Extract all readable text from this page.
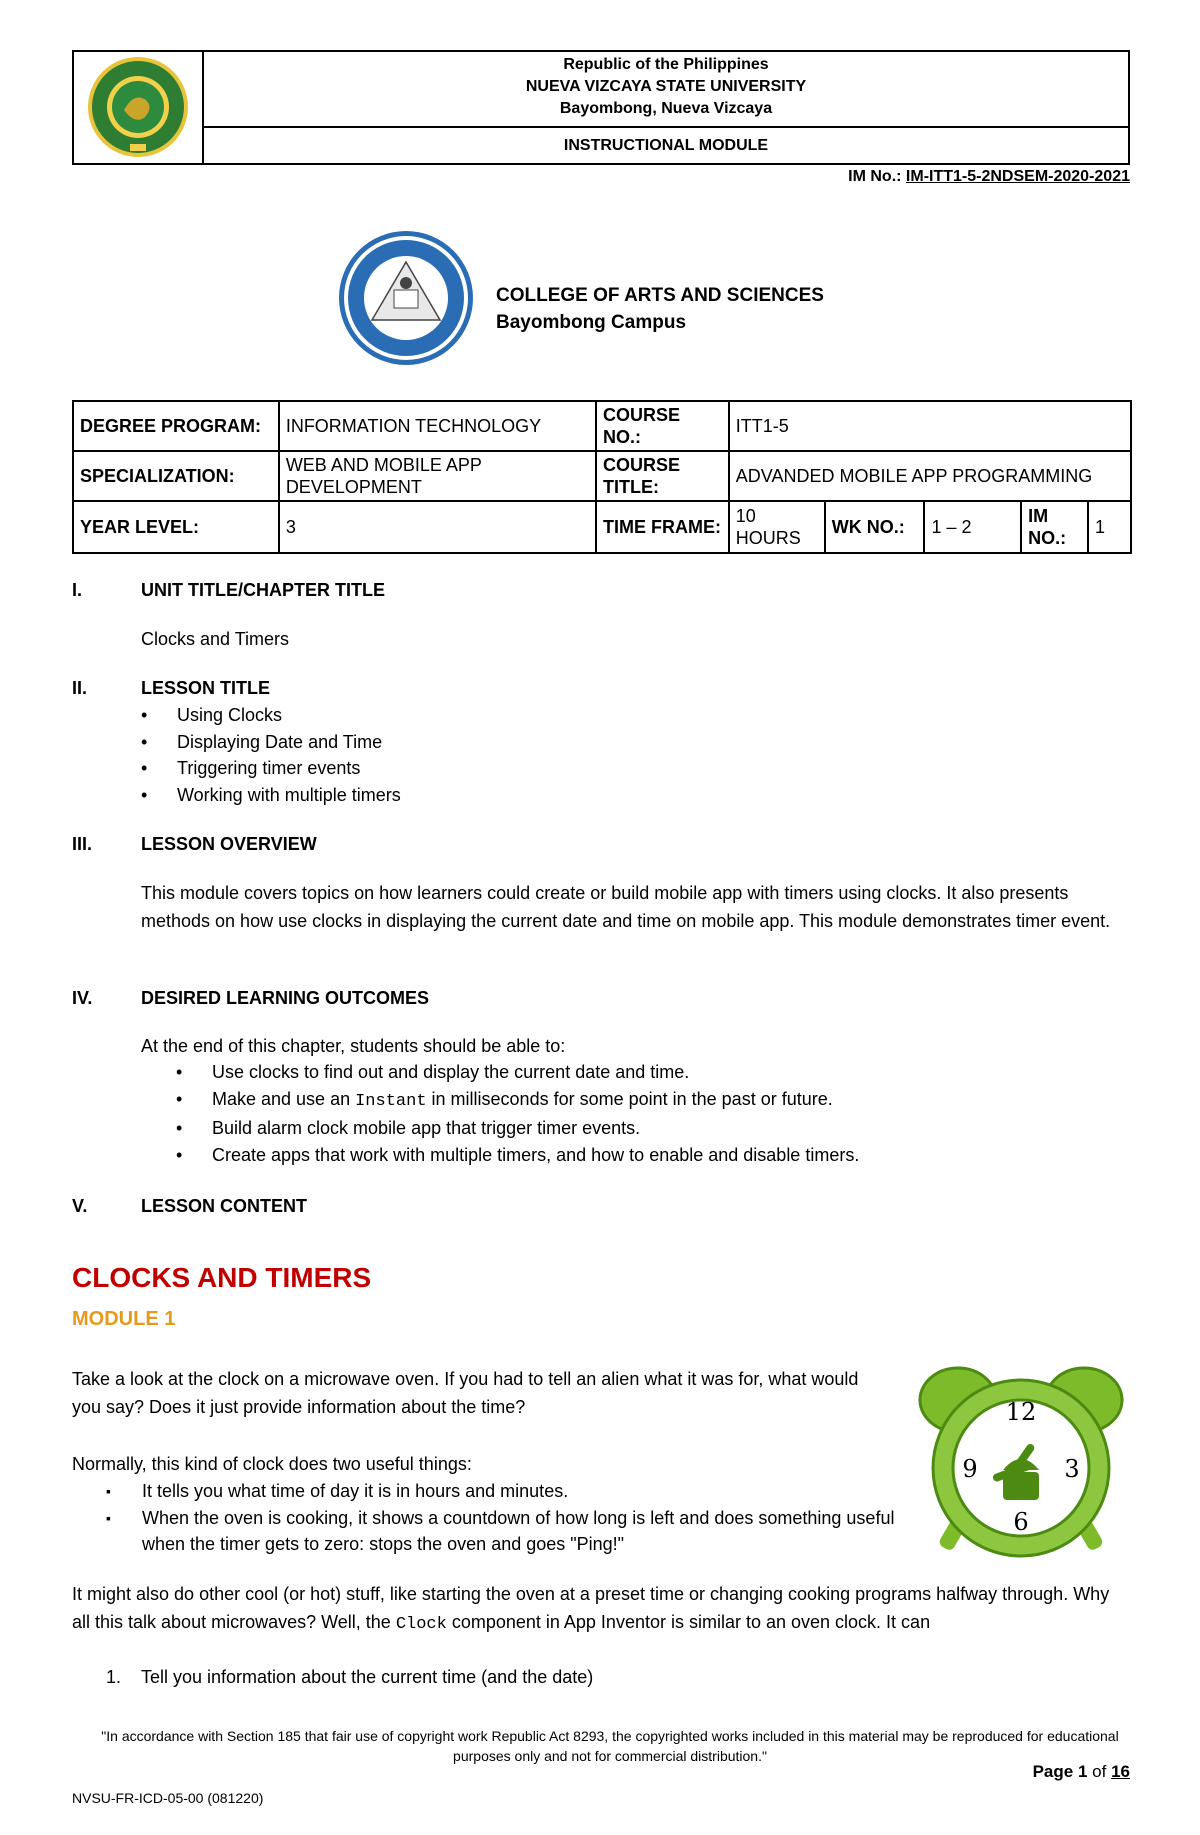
Republic of the Philippines
NUEVA VIZCAYA STATE UNIVERSITY
Bayombong, Nueva Vizcaya
INSTRUCTIONAL MODULE
IM No.: IM-ITT1-5-2NDSEM-2020-2021
COLLEGE OF ARTS AND SCIENCES
Bayombong Campus
DEGREE PROGRAM:	INFORMATION TECHNOLOGY	COURSE NO.:	ITT1-5				
SPECIALIZATION:	WEB AND MOBILE APP DEVELOPMENT	COURSE TITLE:	ADVANDED MOBILE APP PROGRAMMING				
YEAR LEVEL:	3	TIME FRAME:	10 HOURS	WK NO.:	1 – 2	IM NO.:	1
I.	UNIT TITLE/CHAPTER TITLE
Clocks and Timers
II.	LESSON TITLE
• Using Clocks
• Displaying Date and Time
• Triggering timer events
• Working with multiple timers
III.	LESSON OVERVIEW
This module covers topics on how learners could create or build mobile app with timers using clocks. It also presents methods on how use clocks in displaying the current date and time on mobile app. This module demonstrates timer event.
IV.	DESIRED LEARNING OUTCOMES
At the end of this chapter, students should be able to:
• Use clocks to find out and display the current date and time.
• Make and use an Instant in milliseconds for some point in the past or future.
• Build alarm clock mobile app that trigger timer events.
• Create apps that work with multiple timers, and how to enable and disable timers.
V.	LESSON CONTENT
CLOCKS AND TIMERS
MODULE 1
Take a look at the clock on a microwave oven. If you had to tell an alien what it was for, what would you say? Does it just provide information about the time?
Normally, this kind of clock does two useful things:
▪ It tells you what time of day it is in hours and minutes.
▪ When the oven is cooking, it shows a countdown of how long is left and does something useful when the timer gets to zero: stops the oven and goes "Ping!"
12
9	3
6
It might also do other cool (or hot) stuff, like starting the oven at a preset time or changing cooking programs halfway through. Why all this talk about microwaves? Well, the Clock component in App Inventor is similar to an oven clock. It can
1. Tell you information about the current time (and the date)
"In accordance with Section 185 that fair use of copyright work Republic Act 8293, the copyrighted works included in this material may be reproduced for educational purposes only and not for commercial distribution."
Page 1 of 16
NVSU-FR-ICD-05-00 (081220)
